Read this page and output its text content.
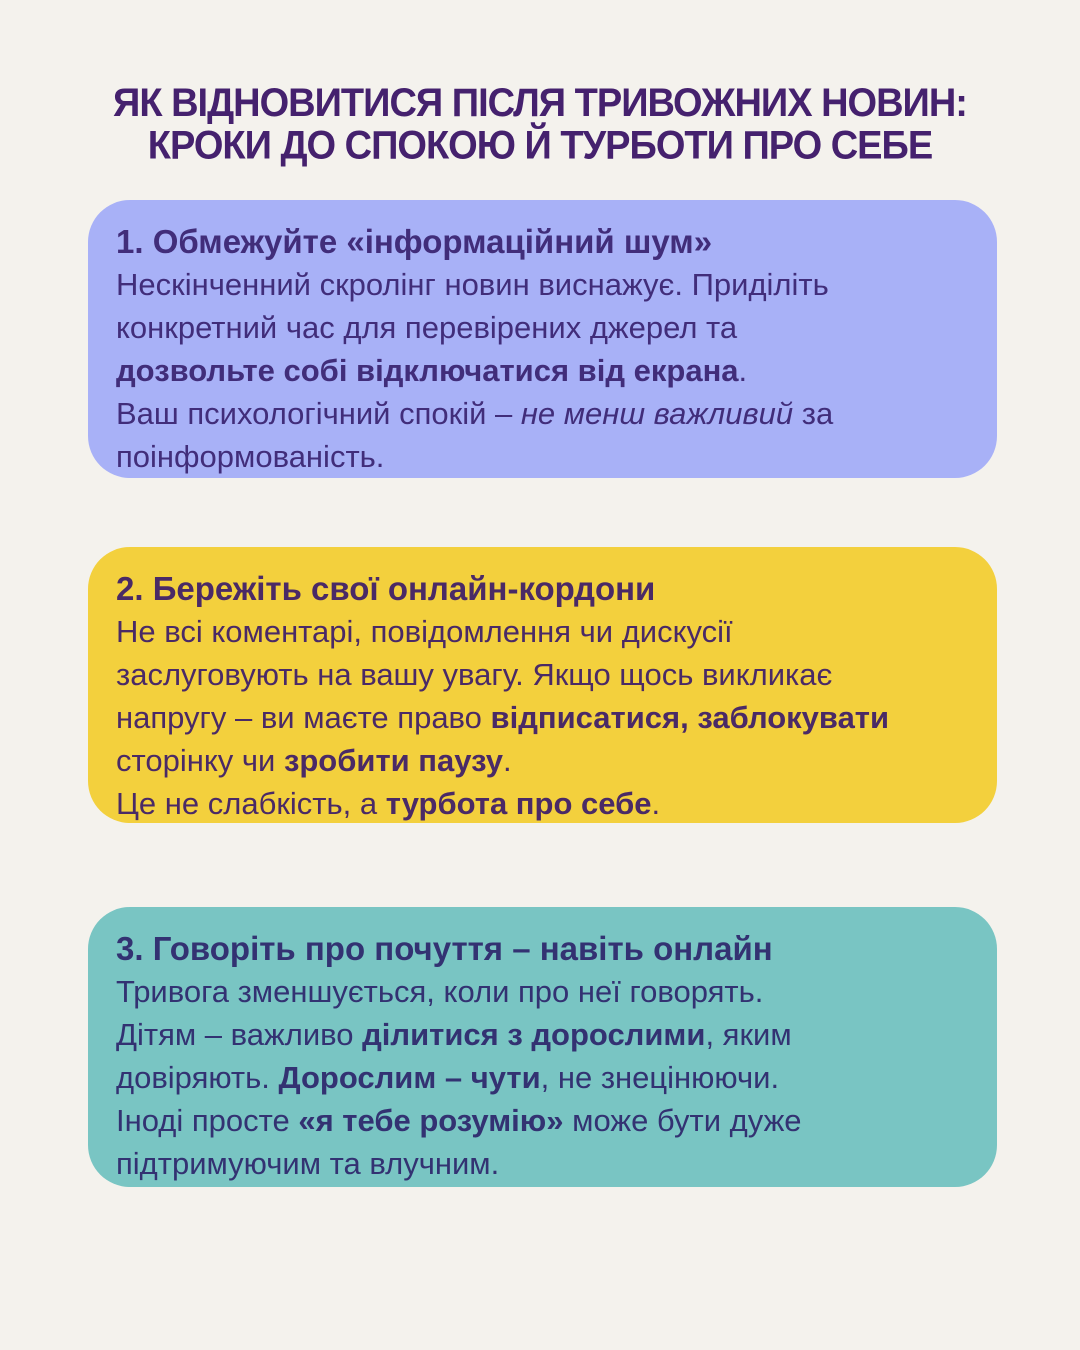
ЯК ВІДНОВИТИСЯ ПІСЛЯ ТРИВОЖНИХ НОВИН:
КРОКИ ДО СПОКОЮ Й ТУРБОТИ ПРО СЕБЕ
1. Обмежуйте «інформаційний шум»
Нескінченний скролінг новин виснажує. Приділіть
конкретний час для перевірених джерел та
дозвольте собі відключатися від екрана.
Ваш психологічний спокій – не менш важливий за
поінформованість.
2. Бережіть свої онлайн-кордони
Не всі коментарі, повідомлення чи дискусії
заслуговують на вашу увагу. Якщо щось викликає
напругу – ви маєте право відписатися, заблокувати
сторінку чи зробити паузу.
Це не слабкість, а турбота про себе.
3. Говоріть про почуття – навіть онлайн
Тривога зменшується, коли про неї говорять.
Дітям – важливо ділитися з дорослими, яким
довіряють. Дорослим – чути, не знецінюючи.
Іноді просте «я тебе розумію» може бути дуже
підтримуючим та влучним.
